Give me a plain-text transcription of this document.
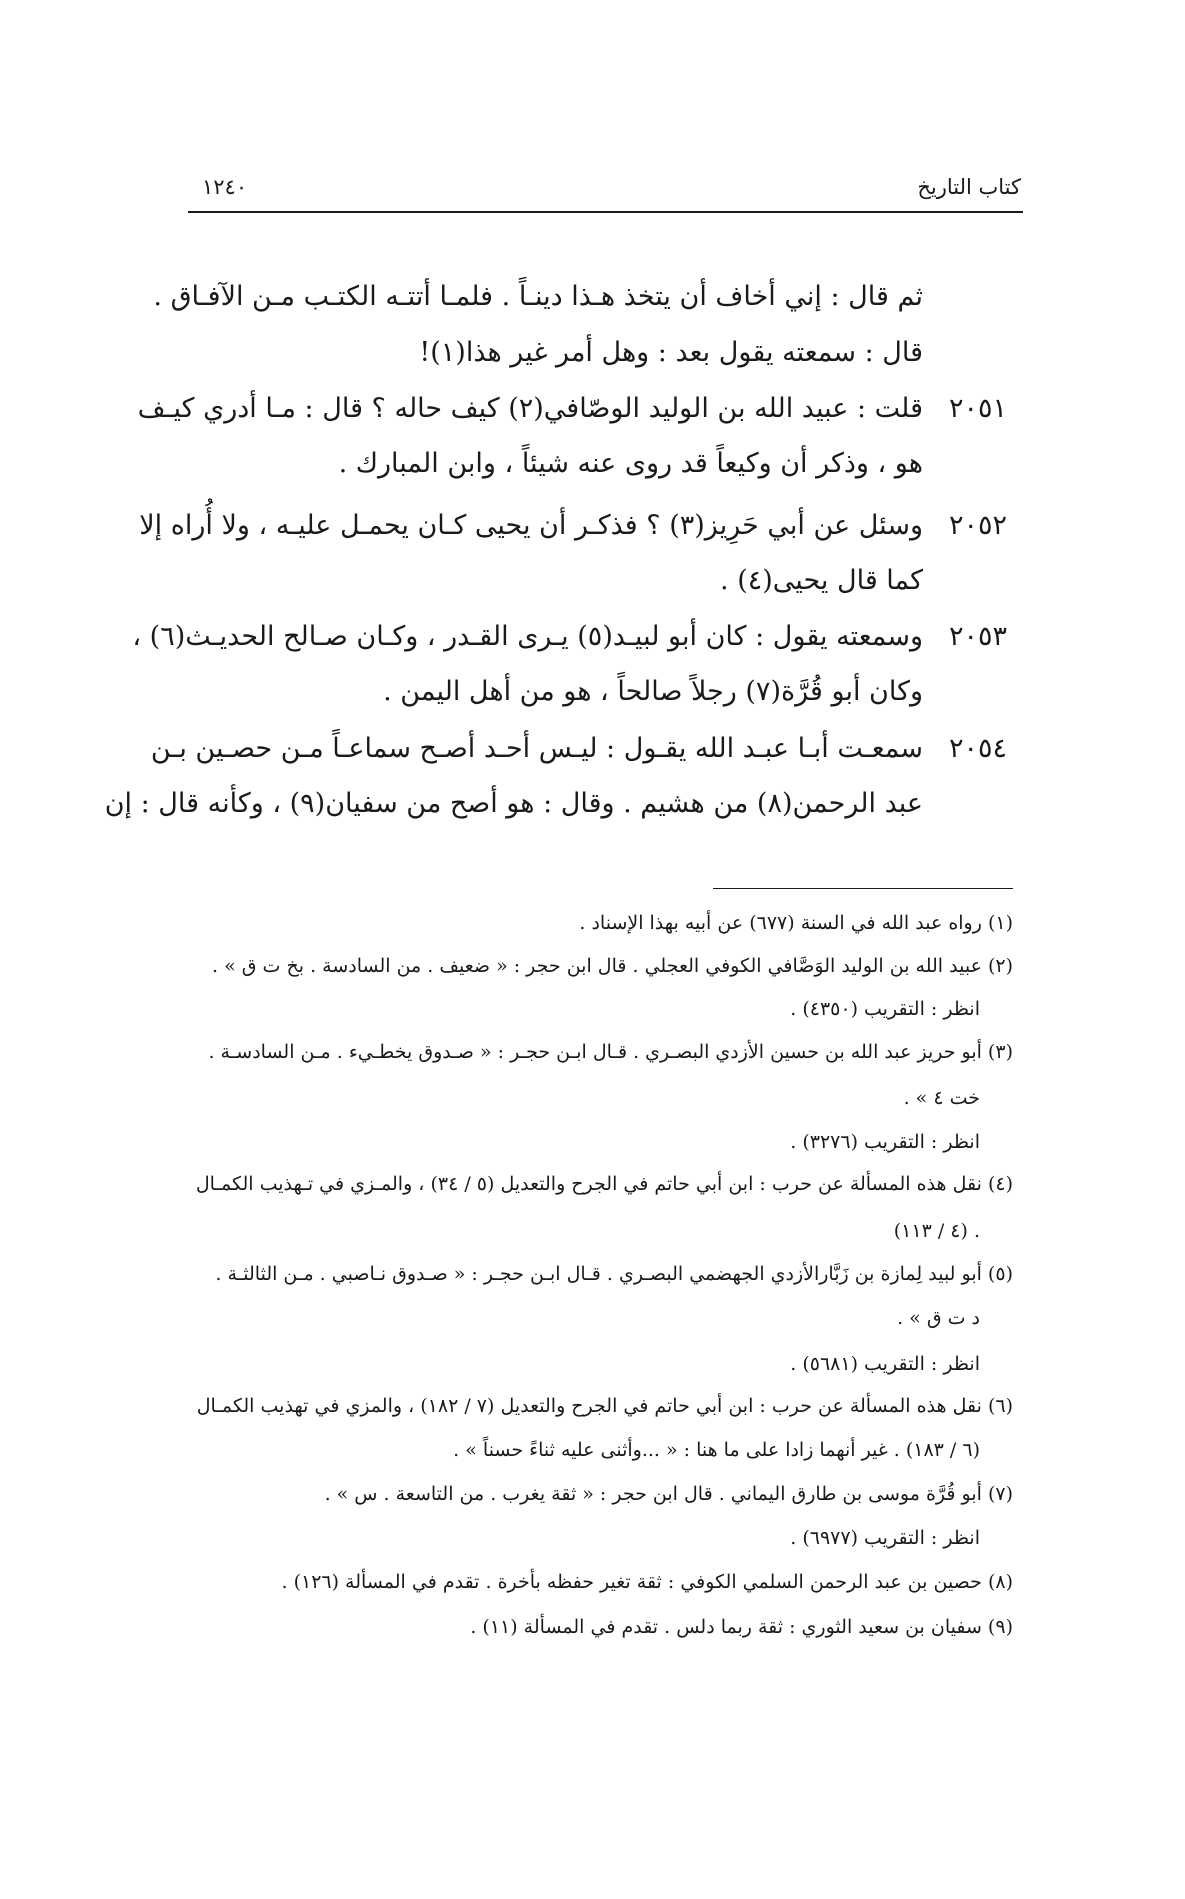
كتاب التاريخ
١٢٤٠
ثم قال : إني أخاف أن يتخذ هـذا دينـاً . فلمـا أتتـه الكتـب مـن الآفـاق .
قال : سمعته يقول بعد : وهل أمر غير هذا(١)!
٢٠٥١
قلت : عبيد الله بن الوليد الوصّافي(٢) كيف حاله ؟ قال : مـا أدري كيـف
هو ، وذكر أن وكيعاً قد روى عنه شيئاً ، وابن المبارك .
٢٠٥٢
وسئل عن أبي حَرِيز(٣) ؟ فذكـر أن يحيى كـان يحمـل عليـه ، ولا أُراه إلا
كما قال يحيى(٤) .
٢٠٥٣
وسمعته يقول : كان أبو لبيـد(٥) يـرى القـدر ، وكـان صـالح الحديـث(٦) ،
وكان أبو قُرَّة(٧) رجلاً صالحاً ، هو من أهل اليمن .
٢٠٥٤
سمعـت أبـا عبـد الله يقـول : ليـس أحـد أصـح سماعـاً مـن حصـين بـن
عبد الرحمن(٨) من هشيم . وقال : هو أصح من سفيان(٩) ، وكأنه قال : إن
(١) رواه عبد الله في السنة (٦٧٧) عن أبيه بهذا الإسناد .
(٢) عبيد الله بن الوليد الوَصَّافي الكوفي العجلي . قال ابن حجر : « ضعيف . من السادسة . بخ ت ق » .
انظر : التقريب (٤٣٥٠) .
(٣) أبو حريز عبد الله بن حسين الأزدي البصـري . قـال ابـن حجـر : « صـدوق يخطـيء . مـن السادسـة .
خت ٤ » .
انظر : التقريب (٣٢٧٦) .
(٤) نقل هذه المسألة عن حرب : ابن أبي حاتم في الجرح والتعديل (٥ / ٣٤) ، والمـزي في تـهذيب الكمـال
(٤ / ١١٣) .
(٥) أبو لبيد لِمازة بن زَبَّارالأزدي الجهضمي البصـري . قـال ابـن حجـر : « صـدوق نـاصبي . مـن الثالثـة .
د ت ق » .
انظر : التقريب (٥٦٨١) .
(٦) نقل هذه المسألة عن حرب : ابن أبي حاتم في الجرح والتعديل (٧ / ١٨٢) ، والمزي في تهذيب الكمـال
(٦ / ١٨٣) . غير أنهما زادا على ما هنا : « ...وأثنى عليه ثناءً حسناً » .
(٧) أبو قُرَّة موسى بن طارق اليماني . قال ابن حجر : « ثقة يغرب . من التاسعة . س » .
انظر : التقريب (٦٩٧٧) .
(٨) حصين بن عبد الرحمن السلمي الكوفي : ثقة تغير حفظه بأخرة . تقدم في المسألة (١٢٦) .
(٩) سفيان بن سعيد الثوري : ثقة ربما دلس . تقدم في المسألة (١١) .
